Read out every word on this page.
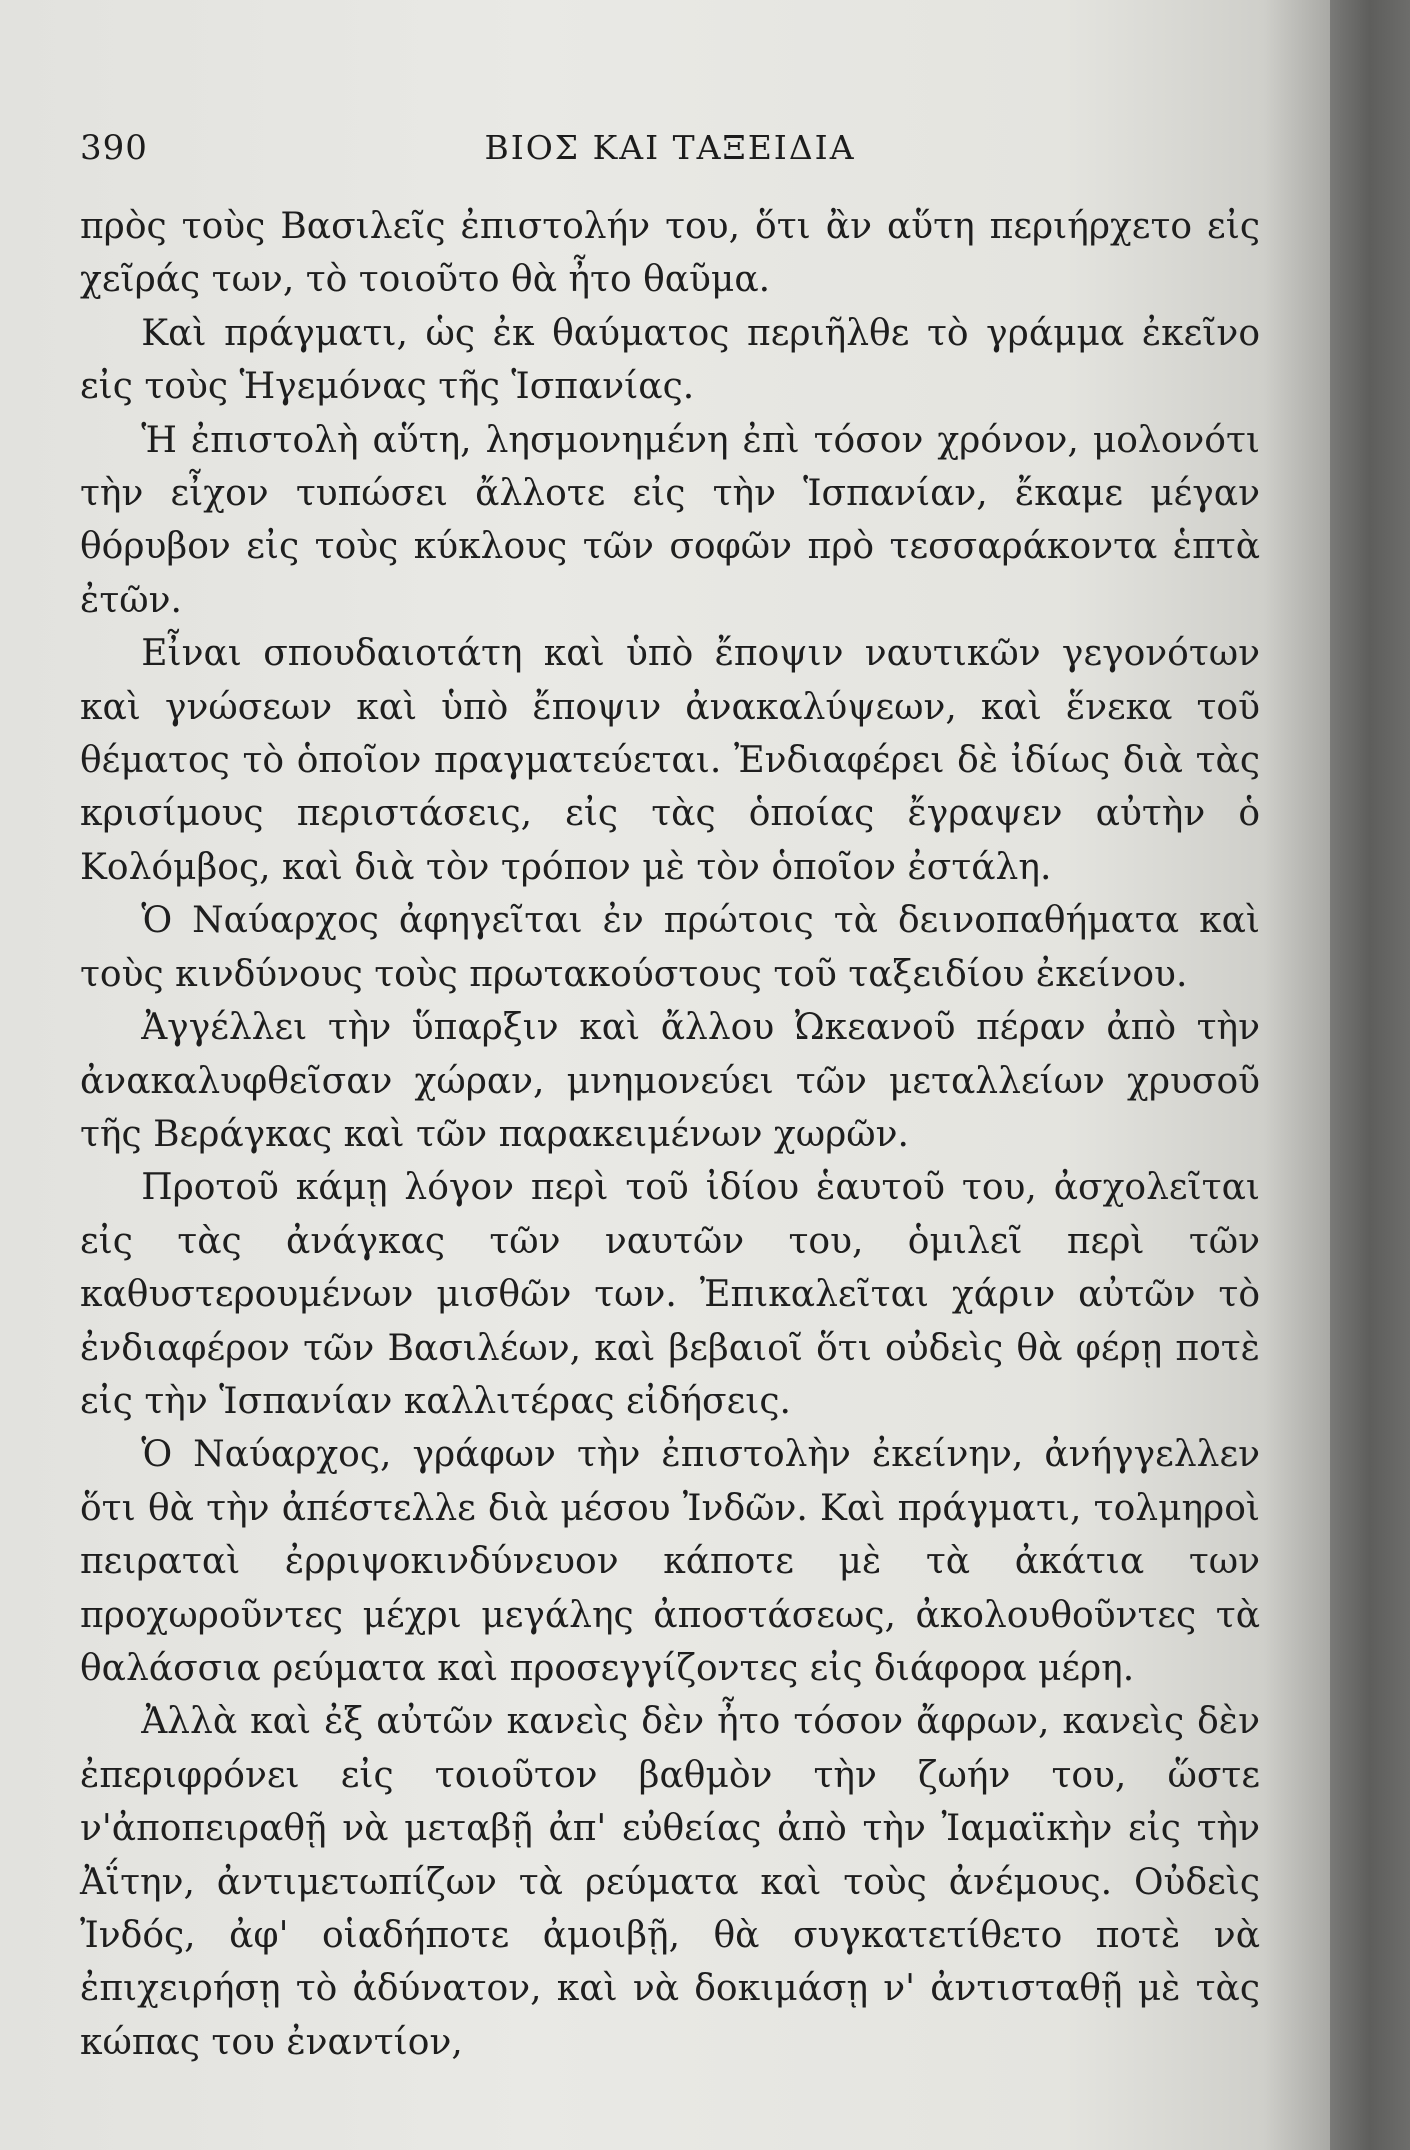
390	ΒΙΟΣ ΚΑΙ ΤΑΞΕΙΔΙΑ

πρὸς τοὺς Βασιλεῖς ἐπιστολήν του, ὅτι ἂν αὕτη περιήρχετο εἰς χεῖράς των, τὸ τοιοῦτο θὰ ἦτο θαῦμα.

Καὶ πράγματι, ὡς ἐκ θαύματος περιῆλθε τὸ γράμμα ἐκεῖνο εἰς τοὺς Ἡγεμόνας τῆς Ἱσπανίας.

Ἡ ἐπιστολὴ αὕτη, λησμονημένη ἐπὶ τόσον χρόνον, μολονότι τὴν εἶχον τυπώσει ἄλλοτε εἰς τὴν Ἱσπανίαν, ἔκαμε μέγαν θόρυβον εἰς τοὺς κύκλους τῶν σοφῶν πρὸ τεσσαράκοντα ἑπτὰ ἐτῶν.

Εἶναι σπουδαιοτάτη καὶ ὑπὸ ἔποψιν ναυτικῶν γεγονότων καὶ γνώσεων καὶ ὑπὸ ἔποψιν ἀνακαλύψεων, καὶ ἕνεκα τοῦ θέματος τὸ ὁποῖον πραγματεύεται. Ἐνδιαφέρει δὲ ἰδίως διὰ τὰς κρισίμους περιστάσεις, εἰς τὰς ὁποίας ἔγραψεν αὐτὴν ὁ Κολόμβος, καὶ διὰ τὸν τρόπον μὲ τὸν ὁποῖον ἐστάλη.

Ὁ Ναύαρχος ἀφηγεῖται ἐν πρώτοις τὰ δεινοπαθήματα καὶ τοὺς κινδύνους τοὺς πρωτακούστους τοῦ ταξειδίου ἐκείνου.

Ἀγγέλλει τὴν ὕπαρξιν καὶ ἄλλου Ὠκεανοῦ πέραν ἀπὸ τὴν ἀνακαλυφθεῖσαν χώραν, μνημονεύει τῶν μεταλλείων χρυσοῦ τῆς Βεράγκας καὶ τῶν παρακειμένων χωρῶν.

Προτοῦ κάμῃ λόγον περὶ τοῦ ἰδίου ἑαυτοῦ του, ἀσχολεῖται εἰς τὰς ἀνάγκας τῶν ναυτῶν του, ὁμιλεῖ περὶ τῶν καθυστερουμένων μισθῶν των. Ἐπικαλεῖται χάριν αὐτῶν τὸ ἐνδιαφέρον τῶν Βασιλέων, καὶ βεβαιοῖ ὅτι οὐδεὶς θὰ φέρῃ ποτὲ εἰς τὴν Ἱσπανίαν καλλιτέρας εἰδήσεις.

Ὁ Ναύαρχος, γράφων τὴν ἐπιστολὴν ἐκείνην, ἀνήγγελλεν ὅτι θὰ τὴν ἀπέστελλε διὰ μέσου Ἰνδῶν. Καὶ πράγματι, τολμηροὶ πειραταὶ ἐρριψοκινδύνευον κάποτε μὲ τὰ ἀκάτια των προχωροῦντες μέχρι μεγάλης ἀποστάσεως, ἀκολουθοῦντες τὰ θαλάσσια ρεύματα καὶ προσεγγίζοντες εἰς διάφορα μέρη.

Ἀλλὰ καὶ ἐξ αὐτῶν κανεὶς δὲν ἦτο τόσον ἄφρων, κανεὶς δὲν ἐπεριφρόνει εἰς τοιοῦτον βαθμὸν τὴν ζωήν του, ὥστε ν'ἀποπειραθῇ νὰ μεταβῇ ἀπ' εὐθείας ἀπὸ τὴν Ἰαμαϊκὴν εἰς τὴν Ἀΐτην, ἀντιμετωπίζων τὰ ρεύματα καὶ τοὺς ἀνέμους. Οὐδεὶς Ἰνδός, ἀφ' οἱαδήποτε ἀμοιβῇ, θὰ συγκατετίθετο ποτὲ νὰ ἐπιχειρήσῃ τὸ ἀδύνατον, καὶ νὰ δοκιμάσῃ ν' ἀντισταθῇ μὲ τὰς κώπας του ἐναντίον,
